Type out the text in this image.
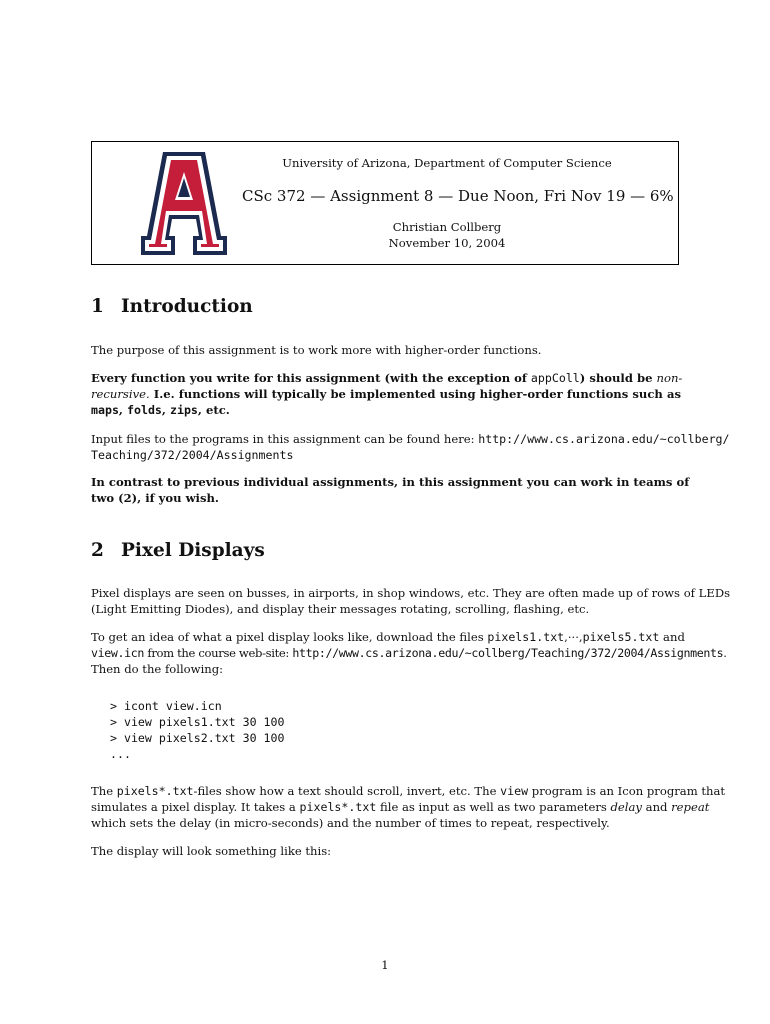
University of Arizona, Department of Computer Science
CSc 372 — Assignment 8 — Due Noon, Fri Nov 19 — 6%
Christian Collberg
November 10, 2004
1 Introduction

The purpose of this assignment is to work more with higher-order functions.

Every function you write for this assignment (with the exception of appColl) should be non-
recursive. I.e. functions will typically be implemented using higher-order functions such as
maps, folds, zips, etc.

Input files to the programs in this assignment can be found here: http://www.cs.arizona.edu/~collberg/
Teaching/372/2004/Assignments

In contrast to previous individual assignments, in this assignment you can work in teams of
two (2), if you wish.

2 Pixel Displays

Pixel displays are seen on busses, in airports, in shop windows, etc. They are often made up of rows of LEDs
(Light Emitting Diodes), and display their messages rotating, scrolling, flashing, etc.

To get an idea of what a pixel display looks like, download the files pixels1.txt,···,pixels5.txt and
view.icn from the course web-site: http://www.cs.arizona.edu/~collberg/Teaching/372/2004/Assignments.
Then do the following:

> icont view.icn
> view pixels1.txt 30 100
> view pixels2.txt 30 100
...

The pixels*.txt-files show how a text should scroll, invert, etc. The view program is an Icon program that
simulates a pixel display. It takes a pixels*.txt file as input as well as two parameters delay and repeat
which sets the delay (in micro-seconds) and the number of times to repeat, respectively.

The display will look something like this:

1
